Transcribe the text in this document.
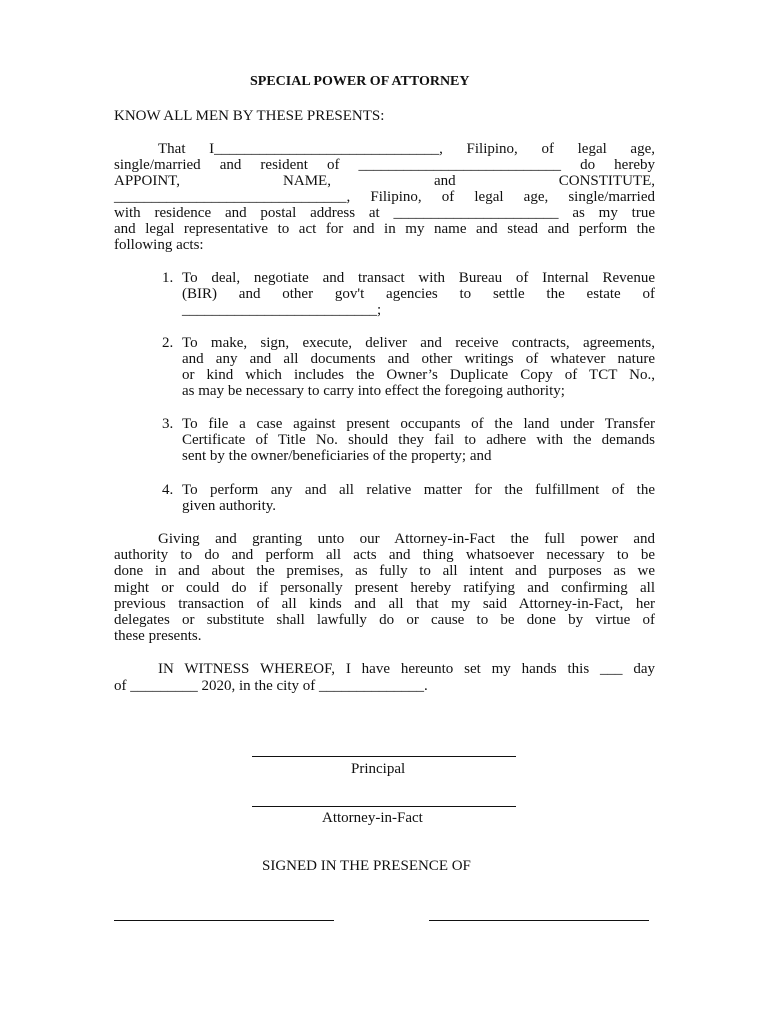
SPECIAL POWER OF ATTORNEY

KNOW ALL MEN BY THESE PRESENTS:

That I______________________________, Filipino, of legal age,

single/married and resident of ___________________________ do hereby

APPOINT, NAME, and CONSTITUTE,

_______________________________, Filipino, of legal age, single/married

with residence and postal address at ______________________ as my true

and legal representative to act for and in my name and stead and perform the

following acts:

1. To deal, negotiate and transact with Bureau of Internal Revenue

(BIR) and other gov't agencies to settle the estate of

__________________________;

2. To make, sign, execute, deliver and receive contracts, agreements,

and any and all documents and other writings of whatever nature

or kind which includes the Owner’s Duplicate Copy of TCT No.,

as may be necessary to carry into effect the foregoing authority;

3. To file a case against present occupants of the land under Transfer

Certificate of Title No. should they fail to adhere with the demands

sent by the owner/beneficiaries of the property; and

4. To perform any and all relative matter for the fulfillment of the

given authority.

Giving and granting unto our Attorney-in-Fact the full power and

authority to do and perform all acts and thing whatsoever necessary to be

done in and about the premises, as fully to all intent and purposes as we

might or could do if personally present hereby ratifying and confirming all

previous transaction of all kinds and all that my said Attorney-in-Fact, her

delegates or substitute shall lawfully do or cause to be done by virtue of

these presents.

IN WITNESS WHEREOF, I have hereunto set my hands this ___ day

of _________ 2020, in the city of ______________.

Principal

Attorney-in-Fact

SIGNED IN THE PRESENCE OF
